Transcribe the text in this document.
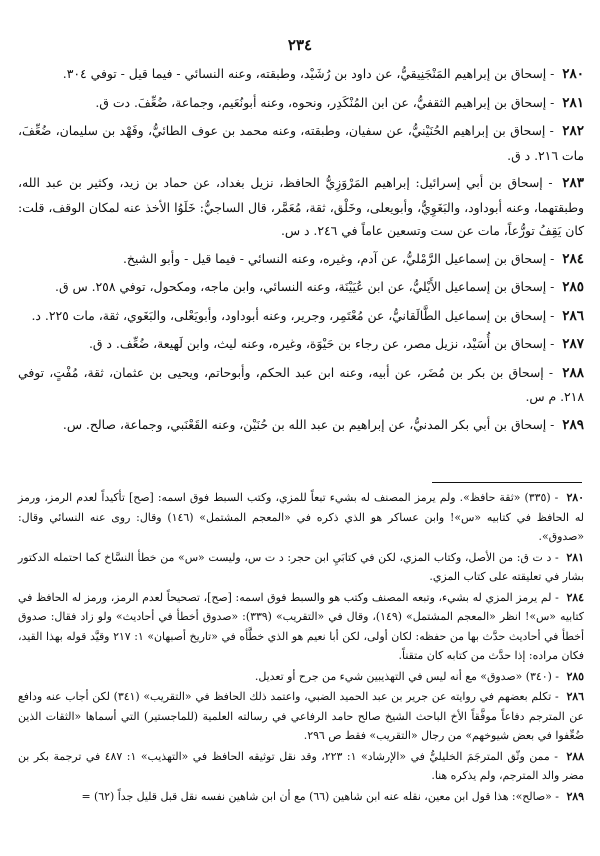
٢٣٤

٢٨٠ - إسحاق بن إبراهيم المَنْجَنِيقيُّ، عن داود بن رُشَيْد، وطبقته، وعنه النسائي - فيما قيل - توفي ٣٠٤.

٢٨١ - إسحاق بن إبراهيم الثقفيُّ، عن ابن المُنْكَدِر، ونحوه، وعنه أبونُعَيم، وجماعة، ضُعِّفَ. دت ق.

٢٨٢ - إسحاق بن إبراهيم الحُنَيْنيُّ، عن سفيان، وطبقته، وعنه محمد بن عوف الطائيُّ، وفَهْد بن سليمان، ضُعِّفَ، مات ٢١٦. د ق.

٢٨٣ - إسحاق بن أبي إسرائيل: إبراهيم المَرْوَزِيُّ الحافظ، نزيل بغداد، عن حماد بن زيد، وكثير بن عبد الله، وطبقتهما، وعنه أبوداود، والبَغَوِيُّ، وأبويعلى، وخَلْق، ثقة، مُعَمَّر، قال الساجيُّ: خَلَوُا الأخذ عنه لمكان الوقف، قلت: كان يَقِفُ تورُّعاً، مات عن ست وتسعين عاماً في ٢٤٦. د س.

٢٨٤ - إسحاق بن إسماعيل الرَّمْليُّ، عن آدم، وغيره، وعنه النسائي - فيما قيل - وأبو الشيخ.

٢٨٥ - إسحاق بن إسماعيل الأَيْليُّ، عن ابن عُيَيْنَة، وعنه النسائي، وابن ماجه، ومكحول، توفي ٢٥٨. س ق.

٢٨٦ - إسحاق بن إسماعيل الطَّالَقانيُّ، عن مُعْتَمِر، وجرير، وعنه أبوداود، وأبويَعْلى، والبَغَوي، ثقة، مات ٢٢٥. د.

٢٨٧ - إسحاق بن أُسَيْد، نزيل مصر، عن رجاء بن حَيْوَة، وغيره، وعنه ليث، وابن لَهيعة، ضُعِّف. د ق.

٢٨٨ - إسحاق بن بكر بن مُضَر، عن أبيه، وعنه ابن عبد الحكم، وأبوحاتم، ويحيى بن عثمان، ثقة، مُفْتٍ، توفي ٢١٨. م س.

٢٨٩ - إسحاق بن أبي بكر المدنيُّ، عن إبراهيم بن عبد الله بن حُنَيْن، وعنه القَعْنَبي، وجماعة، صالح. س.

٢٨٠ - (٣٣٥) «ثقة حافظ». ولم يرمز المصنف له بشيء تبعاً للمزي، وكتب السبط فوق اسمه: [صح] تأكيداً لعدم الرمز، ورمز له الحافظ في كتابيه «س»! وابن عساكر هو الذي ذكره في «المعجم المشتمل» (١٤٦) وقال: روى عنه النسائي وقال: «صدوق».

٢٨١ - د ت ق: من الأصل، وكتاب المزي، لكن في كتابَيِ ابن حجر: د ت س، وليست «س» من خطأ النسَّاخ كما احتمله الدكتور بشار في تعليقته على كتاب المزي.

٢٨٤ - لم يرمز المزي له بشيء، وتبعه المصنف وكتب هو والسبط فوق اسمه: [صح]، تصحيحاً لعدم الرمز، ورمز له الحافظ في كتابيه «س»! انظر «المعجم المشتمل» (١٤٩)، وقال في «التقريب» (٣٣٩): «صدوق أخطأ في أحاديث» ولو زاد فقال: صدوق أخطأ في أحاديث حدَّث بها من حفظه: لكان أولى، لكن أبا نعيم هو الذي خطَّأه في «تاريخ أصبهان» ١: ٢١٧ وقيَّد قوله بهذا القيد، فكان مراده: إذا حدَّث من كتابه كان متقناً.

٢٨٥ - (٣٤٠) «صدوق» مع أنه ليس في التهذيبين شيء من جرح أو تعديل.

٢٨٦ - تكلم بعضهم في روايته عن جرير بن عبد الحميد الضبي، واعتمد ذلك الحافظ في «التقريب» (٣٤١) لكن أجاب عنه ودافع عن المترجم دفاعاً موفَّقاً الأخ الباحث الشيخ صالح حامد الرفاعي في رسالته العلمية (للماجستير) التي أسماها «الثقات الذين ضُعِّفوا في بعض شيوخهم» من رجال «التقريب» فقط ص ٢٩٦.

٢٨٨ - ممن وثّق المترجَمَ الخليليُّ في «الإرشاد» ١: ٢٢٣، وقد نقل توثيقه الحافظ في «التهذيب» ١: ٤٨٧ في ترجمة بكر بن مضر والد المترجم، ولم يذكره هنا.

٢٨٩ - «صالح»: هذا قول ابن معين، نقله عنه ابن شاهين (٦٦) مع أن ابن شاهين نفسه نقل قبل قليل جداً (٦٢) =
